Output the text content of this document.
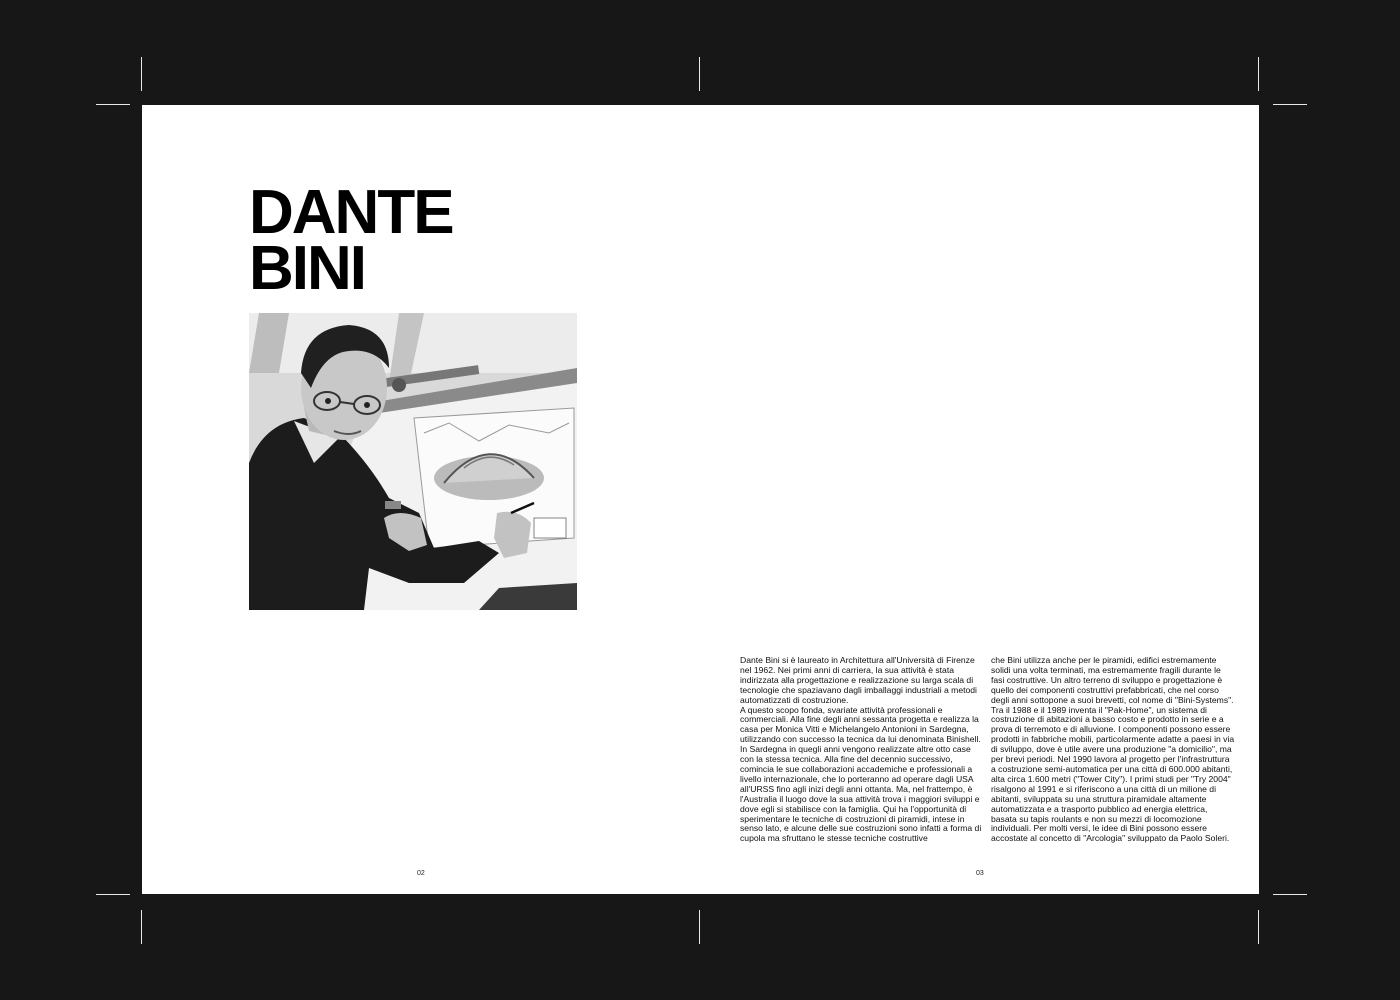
DANTE
BINI
02

Dante Bini si è laureato in Architettura all'Università di Firenze nel 1962. Nei primi anni di carriera, la sua attività è stata indirizzata alla progettazione e realizzazione su larga scala di tecnologie che spaziavano dagli imballaggi industriali a metodi automatizzati di costruzione.

A questo scopo fonda, svariate attività professionali e commerciali. Alla fine degli anni sessanta progetta e realizza la casa per Monica Vitti e Michelangelo Antonioni in Sardegna, utilizzando con successo la tecnica da lui denominata Binishell.

In Sardegna in quegli anni vengono realizzate altre otto case con la stessa tecnica. Alla fine del decennio successivo, comincia le sue collaborazioni accademiche e professionali a livello internazionale, che lo porteranno ad operare dagli USA all'URSS fino agli inizi degli anni ottanta. Ma, nel frattempo, è l'Australia il luogo dove la sua attività trova i maggiori sviluppi e dove egli si stabilisce con la famiglia. Qui ha l'opportunità di sperimentare le tecniche di costruzioni di piramidi, intese in senso lato, e alcune delle sue costruzioni sono infatti a forma di cupola ma sfruttano le stesse tecniche costruttive

che Bini utilizza anche per le piramidi, edifici estremamente solidi una volta terminati, ma estremamente fragili durante le fasi costruttive. Un altro terreno di sviluppo e progettazione è quello dei componenti costruttivi prefabbricati, che nel corso degli anni sottopone a suoi brevetti, col nome di "Bini-Systems". Tra il 1988 e il 1989 inventa il "Pak-Home", un sistema di costruzione di abitazioni a basso costo e prodotto in serie e a prova di terremoto e di alluvione. I componenti possono essere prodotti in fabbriche mobili, particolarmente adatte a paesi in via di sviluppo, dove è utile avere una produzione "a domicilio", ma per brevi periodi. Nel 1990 lavora al progetto per l'infrastruttura a costruzione semi-automatica per una città di 600.000 abitanti, alta circa 1.600 metri ("Tower City"). I primi studi per "Try 2004" risalgono al 1991 e si riferiscono a una città di un milione di abitanti, sviluppata su una struttura piramidale altamente automatizzata e a trasporto pubblico ad energia elettrica, basata su tapis roulants e non su mezzi di locomozione individuali. Per molti versi, le idee di Bini possono essere accostate al concetto di "Arcologia" sviluppato da Paolo Soleri.

03
